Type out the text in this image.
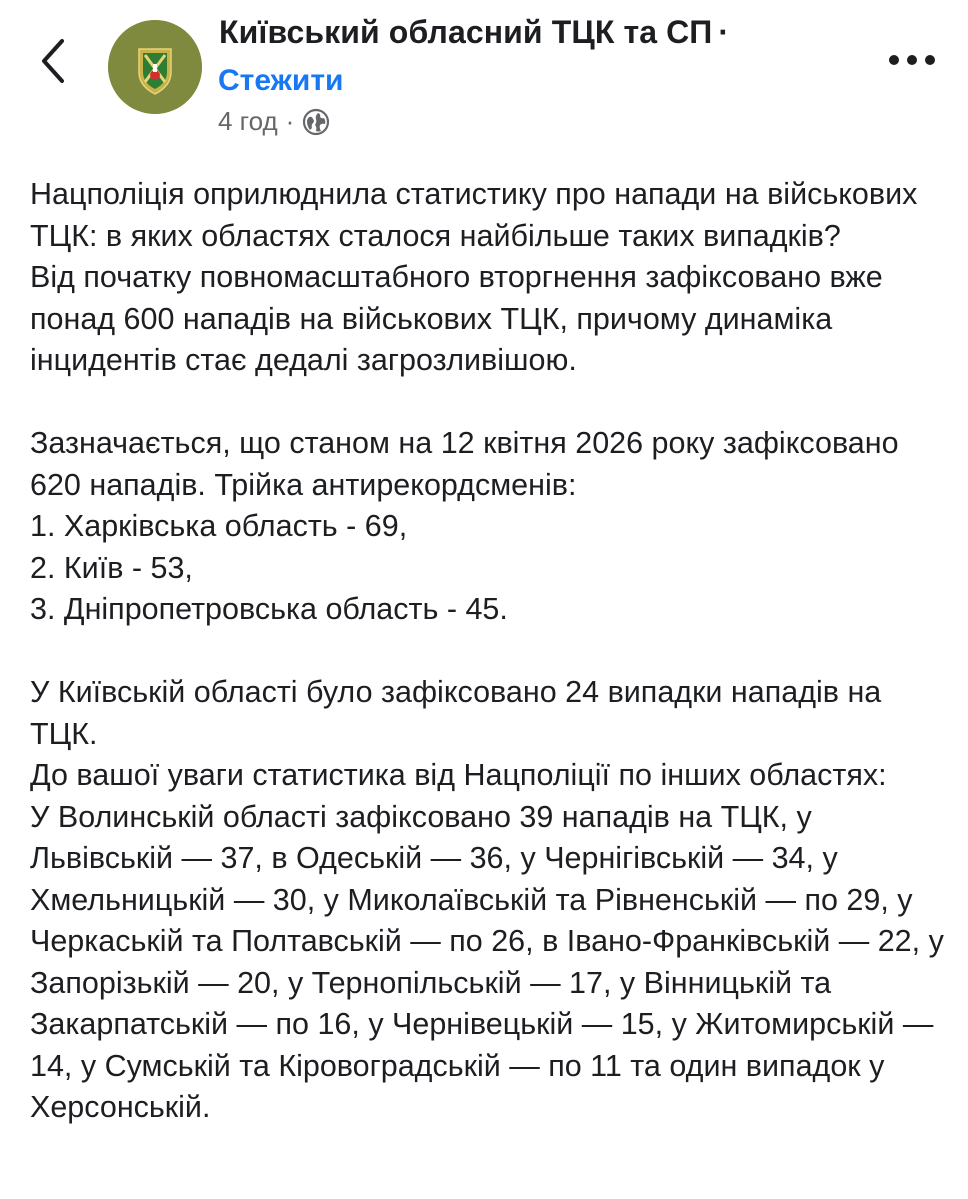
Київський обласний ТЦК та СП ·
Стежити
4 год ·

Нацполіція оприлюднила статистику про напади на військових ТЦК: в яких областях сталося найбільше таких випадків?

Від початку повномасштабного вторгнення зафіксовано вже понад 600 нападів на військових ТЦК, причому динаміка інцидентів стає дедалі загрозливішою.

Зазначається, що станом на 12 квітня 2026 року зафіксовано 620 нападів. Трійка антирекордсменів:

1. Харківська область - 69,

2. Київ - 53,

3. Дніпропетровська область - 45.

У Київській області було зафіксовано 24 випадки нападів на ТЦК.

До вашої уваги статистика від Нацполіції по інших областях:

У Волинській області зафіксовано 39 нападів на ТЦК, у Львівській — 37, в Одеській — 36, у Чернігівській — 34, у Хмельницькій — 30, у Миколаївській та Рівненській — по 29, у Черкаській та Полтавській — по 26, в Івано-Франківській — 22, у Запорізькій — 20, у Тернопільській — 17, у Вінницькій та Закарпатській — по 16, у Чернівецькій — 15, у Житомирській — 14, у Сумській та Кіровоградській — по 11 та один випадок у Херсонській.
